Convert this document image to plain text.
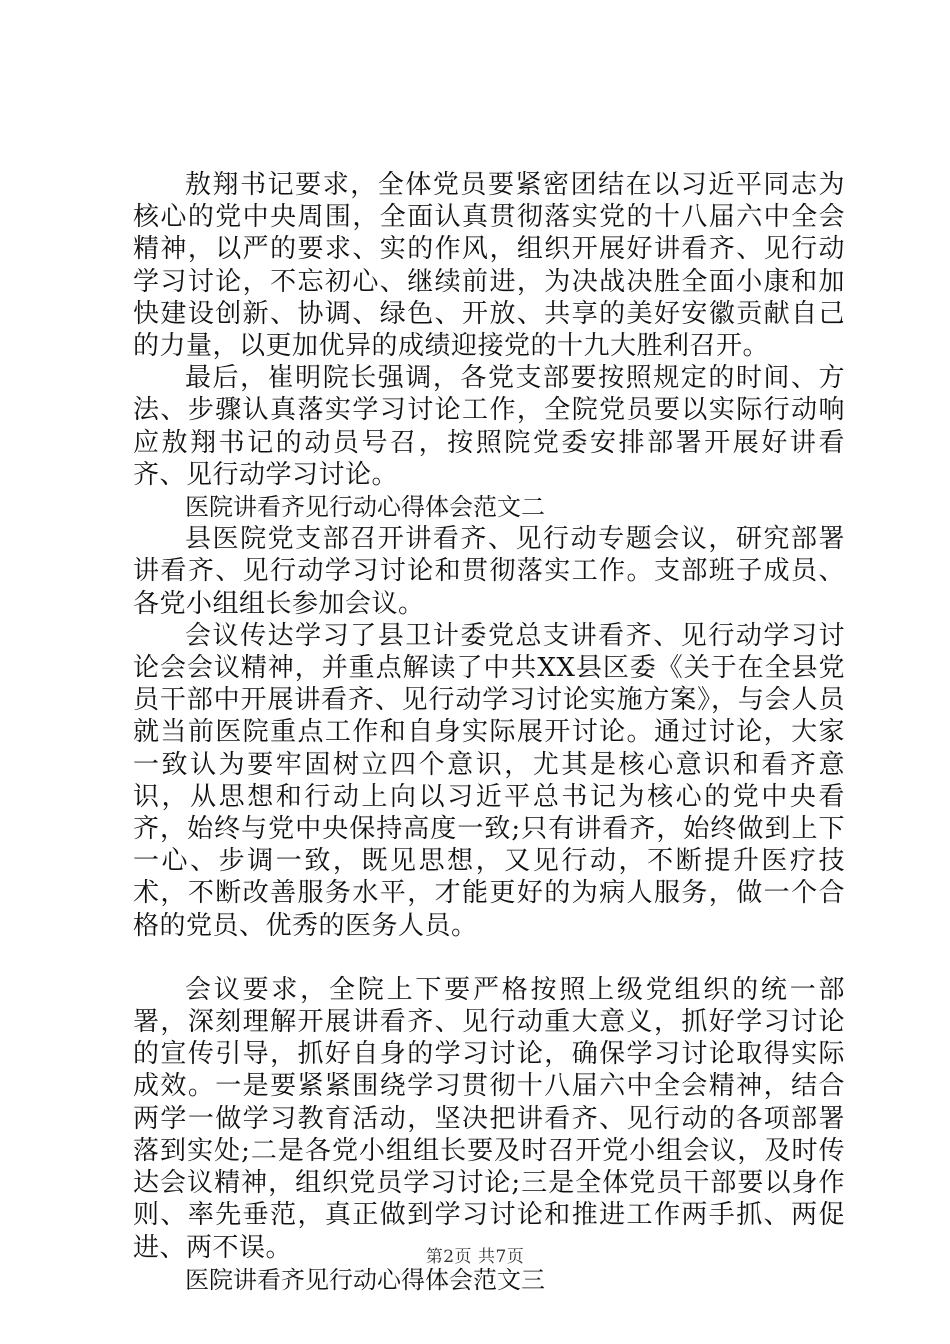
敖翔书记要求，全体党员要紧密团结在以习近平同志为核心的党中央周围，全面认真贯彻落实党的十八届六中全会精神，以严的要求、实的作风，组织开展好讲看齐、见行动学习讨论，不忘初心、继续前进，为决战决胜全面小康和加快建设创新、协调、绿色、开放、共享的美好安徽贡献自己的力量，以更加优异的成绩迎接党的十九大胜利召开。

最后，崔明院长强调，各党支部要按照规定的时间、方法、步骤认真落实学习讨论工作，全院党员要以实际行动响应敖翔书记的动员号召，按照院党委安排部署开展好讲看齐、见行动学习讨论。

医院讲看齐见行动心得体会范文二

县医院党支部召开讲看齐、见行动专题会议，研究部署讲看齐、见行动学习讨论和贯彻落实工作。支部班子成员、各党小组组长参加会议。

会议传达学习了县卫计委党总支讲看齐、见行动学习讨论会会议精神，并重点解读了中共XX县区委《关于在全县党员干部中开展讲看齐、见行动学习讨论实施方案》，与会人员就当前医院重点工作和自身实际展开讨论。通过讨论，大家一致认为要牢固树立四个意识，尤其是核心意识和看齐意识，从思想和行动上向以习近平总书记为核心的党中央看齐，始终与党中央保持高度一致;只有讲看齐，始终做到上下一心、步调一致，既见思想，又见行动，不断提升医疗技术，不断改善服务水平，才能更好的为病人服务，做一个合格的党员、优秀的医务人员。

会议要求，全院上下要严格按照上级党组织的统一部署，深刻理解开展讲看齐、见行动重大意义，抓好学习讨论的宣传引导，抓好自身的学习讨论，确保学习讨论取得实际成效。一是要紧紧围绕学习贯彻十八届六中全会精神，结合两学一做学习教育活动，坚决把讲看齐、见行动的各项部署落到实处;二是各党小组组长要及时召开党小组会议，及时传达会议精神，组织党员学习讨论;三是全体党员干部要以身作则、率先垂范，真正做到学习讨论和推进工作两手抓、两促进、两不误。

医院讲看齐见行动心得体会范文三

第2页 共7页
